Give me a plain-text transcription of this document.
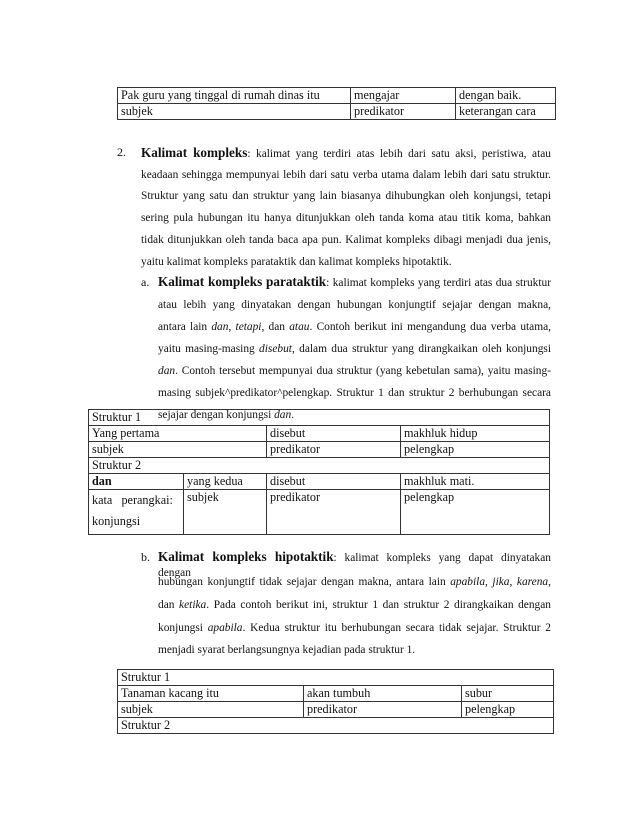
Pak guru yang tinggal di rumah dinas itu	mengajar	dengan baik.
subjek	predikator	keterangan cara
2. Kalimat kompleks: kalimat yang terdiri atas lebih dari satu aksi, peristiwa, atau
keadaan sehingga mempunyai lebih dari satu verba utama dalam lebih dari satu struktur.
Struktur yang satu dan struktur yang lain biasanya dihubungkan oleh konjungsi, tetapi
sering pula hubungan itu hanya ditunjukkan oleh tanda koma atau titik koma, bahkan
tidak ditunjukkan oleh tanda baca apa pun. Kalimat kompleks dibagi menjadi dua jenis,
yaitu kalimat kompleks parataktik dan kalimat kompleks hipotaktik.
a. Kalimat kompleks parataktik: kalimat kompleks yang terdiri atas dua struktur
atau lebih yang dinyatakan dengan hubungan konjungtif sejajar dengan makna,
antara lain dan, tetapi, dan atau. Contoh berikut ini mengandung dua verba utama,
yaitu masing-masing disebut, dalam dua struktur yang dirangkaikan oleh konjungsi
dan. Contoh tersebut mempunyai dua struktur (yang kebetulan sama), yaitu masing-
masing subjek^predikator^pelengkap. Struktur 1 dan struktur 2 berhubungan secara
sejajar dengan konjungsi dan.
Struktur 1			
Yang pertama		disebut	makhluk hidup
subjek		predikator	pelengkap
Struktur 2			
dan	yang kedua	disebut	makhluk mati.

kata   perangkai:
konjungsi	subjek	predikator	pelengkap
b. Kalimat kompleks hipotaktik: kalimat kompleks yang dapat dinyatakan dengan
hubungan konjungtif tidak sejajar dengan makna, antara lain apabila, jika, karena,
dan ketika. Pada contoh berikut ini, struktur 1 dan struktur 2 dirangkaikan dengan
konjungsi apabila. Kedua struktur itu berhubungan secara tidak sejajar. Struktur 2
menjadi syarat berlangsungnya kejadian pada struktur 1.
Struktur 1		
Tanaman kacang itu	akan tumbuh	subur
subjek	predikator	pelengkap
Struktur 2		
